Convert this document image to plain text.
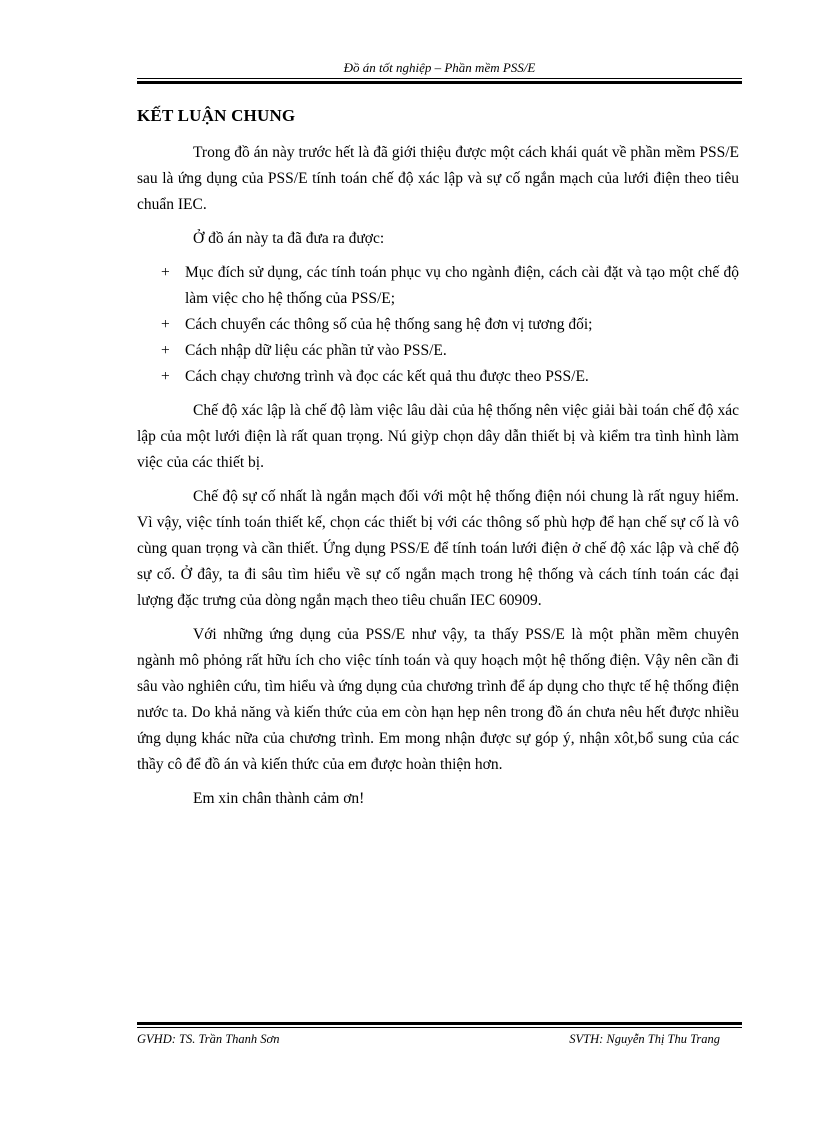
Đồ án tốt nghiệp – Phần mềm PSS/E
KẾT LUẬN CHUNG

Trong đồ án này trước hết là đã giới thiệu được một cách khái quát về phần mềm PSS/E sau là ứng dụng của PSS/E tính toán chế độ xác lập và sự cố ngắn mạch của lưới điện theo tiêu chuẩn IEC.

Ở đồ án này ta đã đưa ra được:

+ Mục đích sử dụng, các tính toán phục vụ cho ngành điện, cách cài đặt và tạo một chế độ làm việc cho hệ thống của PSS/E;
+ Cách chuyển các thông số của hệ thống sang hệ đơn vị tương đối;
+ Cách nhập dữ liệu các phần tử vào PSS/E.
+ Cách chạy chương trình và đọc các kết quả thu được theo PSS/E.

Chế độ xác lập là chế độ làm việc lâu dài của hệ thống nên việc giải bài toán chế độ xác lập của một lưới điện là rất quan trọng. Nú giỳp chọn dây dẫn thiết bị và kiểm tra tình hình làm việc của các thiết bị.

Chế độ sự cố nhất là ngắn mạch đối với một hệ thống điện nói chung là rất nguy hiểm. Vì vậy, việc tính toán thiết kế, chọn các thiết bị với các thông số phù hợp để hạn chế sự cố là vô cùng quan trọng và cần thiết. Ứng dụng PSS/E để tính toán lưới điện ở chế độ xác lập và chế độ sự cố. Ở đây, ta đi sâu tìm hiểu về sự cố ngắn mạch trong hệ thống và cách tính toán các đại lượng đặc trưng của dòng ngắn mạch theo tiêu chuẩn IEC 60909.

Với những ứng dụng của PSS/E như vậy, ta thấy PSS/E là một phần mềm chuyên ngành mô phỏng rất hữu ích cho việc tính toán và quy hoạch một hệ thống điện. Vậy nên cần đi sâu vào nghiên cứu, tìm hiểu và ứng dụng của chương trình để áp dụng cho thực tế hệ thống điện nước ta. Do khả năng và kiến thức của em còn hạn hẹp nên trong đồ án chưa nêu hết được nhiều ứng dụng khác nữa của chương trình. Em mong nhận được sự góp ý, nhận xôt,bổ sung của các thầy cô để đồ án và kiến thức của em được hoàn thiện hơn.

Em xin chân thành cảm ơn!

GVHD: TS. Trần Thanh Sơn	SVTH: Nguyễn Thị Thu Trang
